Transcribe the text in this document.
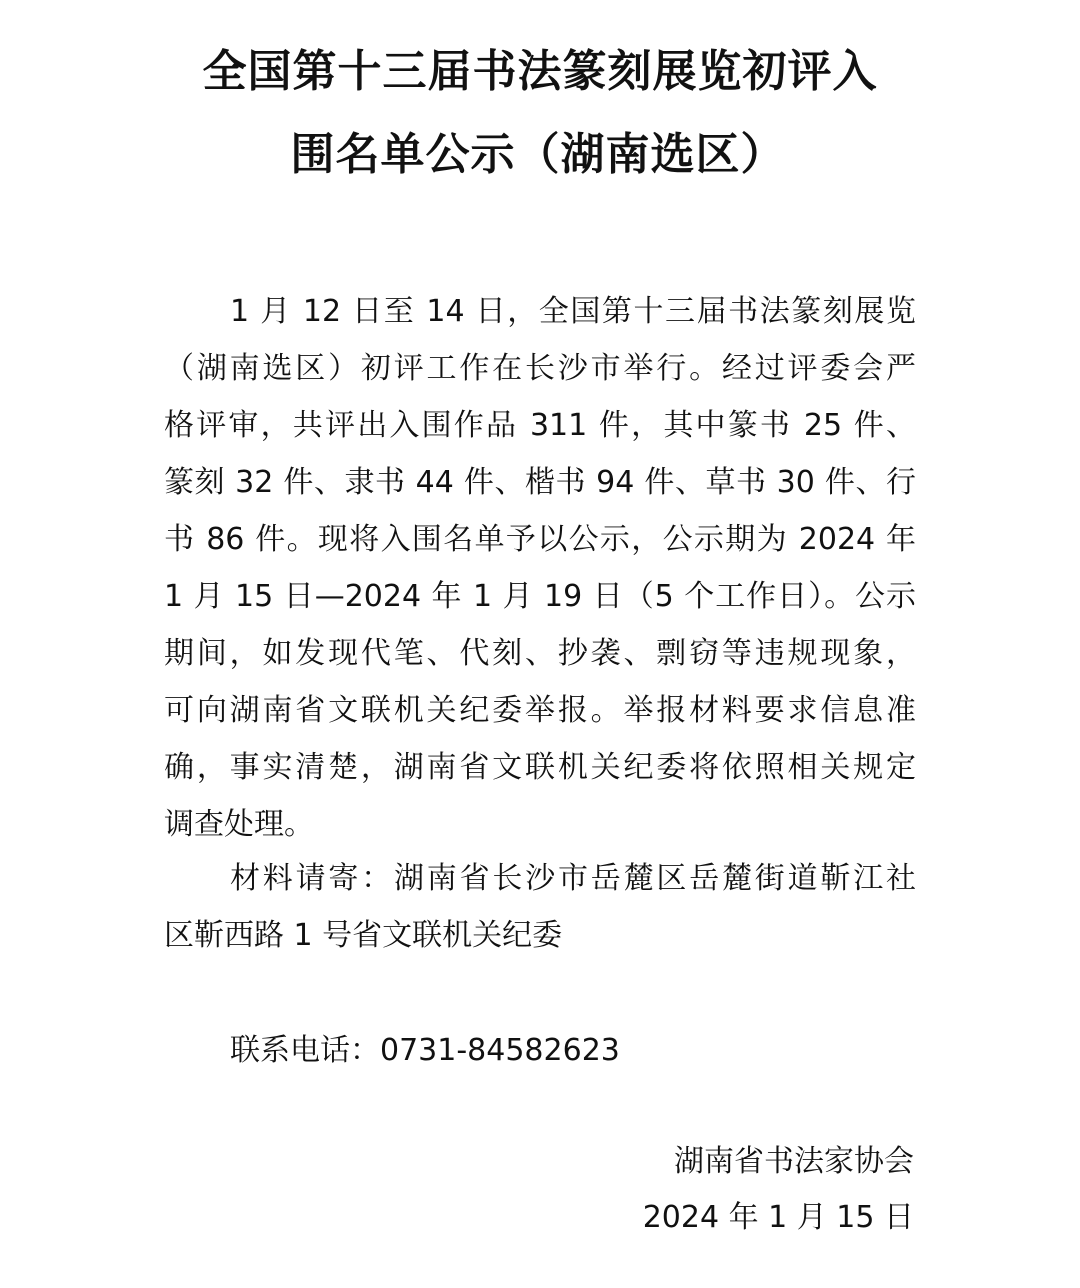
全国第十三届书法篆刻展览初评入
围名单公示（湖南选区）
1 月 12 日至 14 日，全国第十三届书法篆刻展览
（湖南选区）初评工作在长沙市举行。经过评委会严
格评审，共评出入围作品 311 件，其中篆书 25 件、
篆刻 32 件、隶书 44 件、楷书 94 件、草书 30 件、行
书 86 件。现将入围名单予以公示，公示期为 2024 年
1 月 15 日—2024 年 1 月 19 日（5 个工作日）。公示
期间，如发现代笔、代刻、抄袭、剽窃等违规现象，
可向湖南省文联机关纪委举报。举报材料要求信息准
确，事实清楚，湖南省文联机关纪委将依照相关规定
调查处理。
材料请寄：湖南省长沙市岳麓区岳麓街道靳江社
区靳西路 1 号省文联机关纪委
联系电话：0731-84582623
湖南省书法家协会
2024 年 1 月 15 日
